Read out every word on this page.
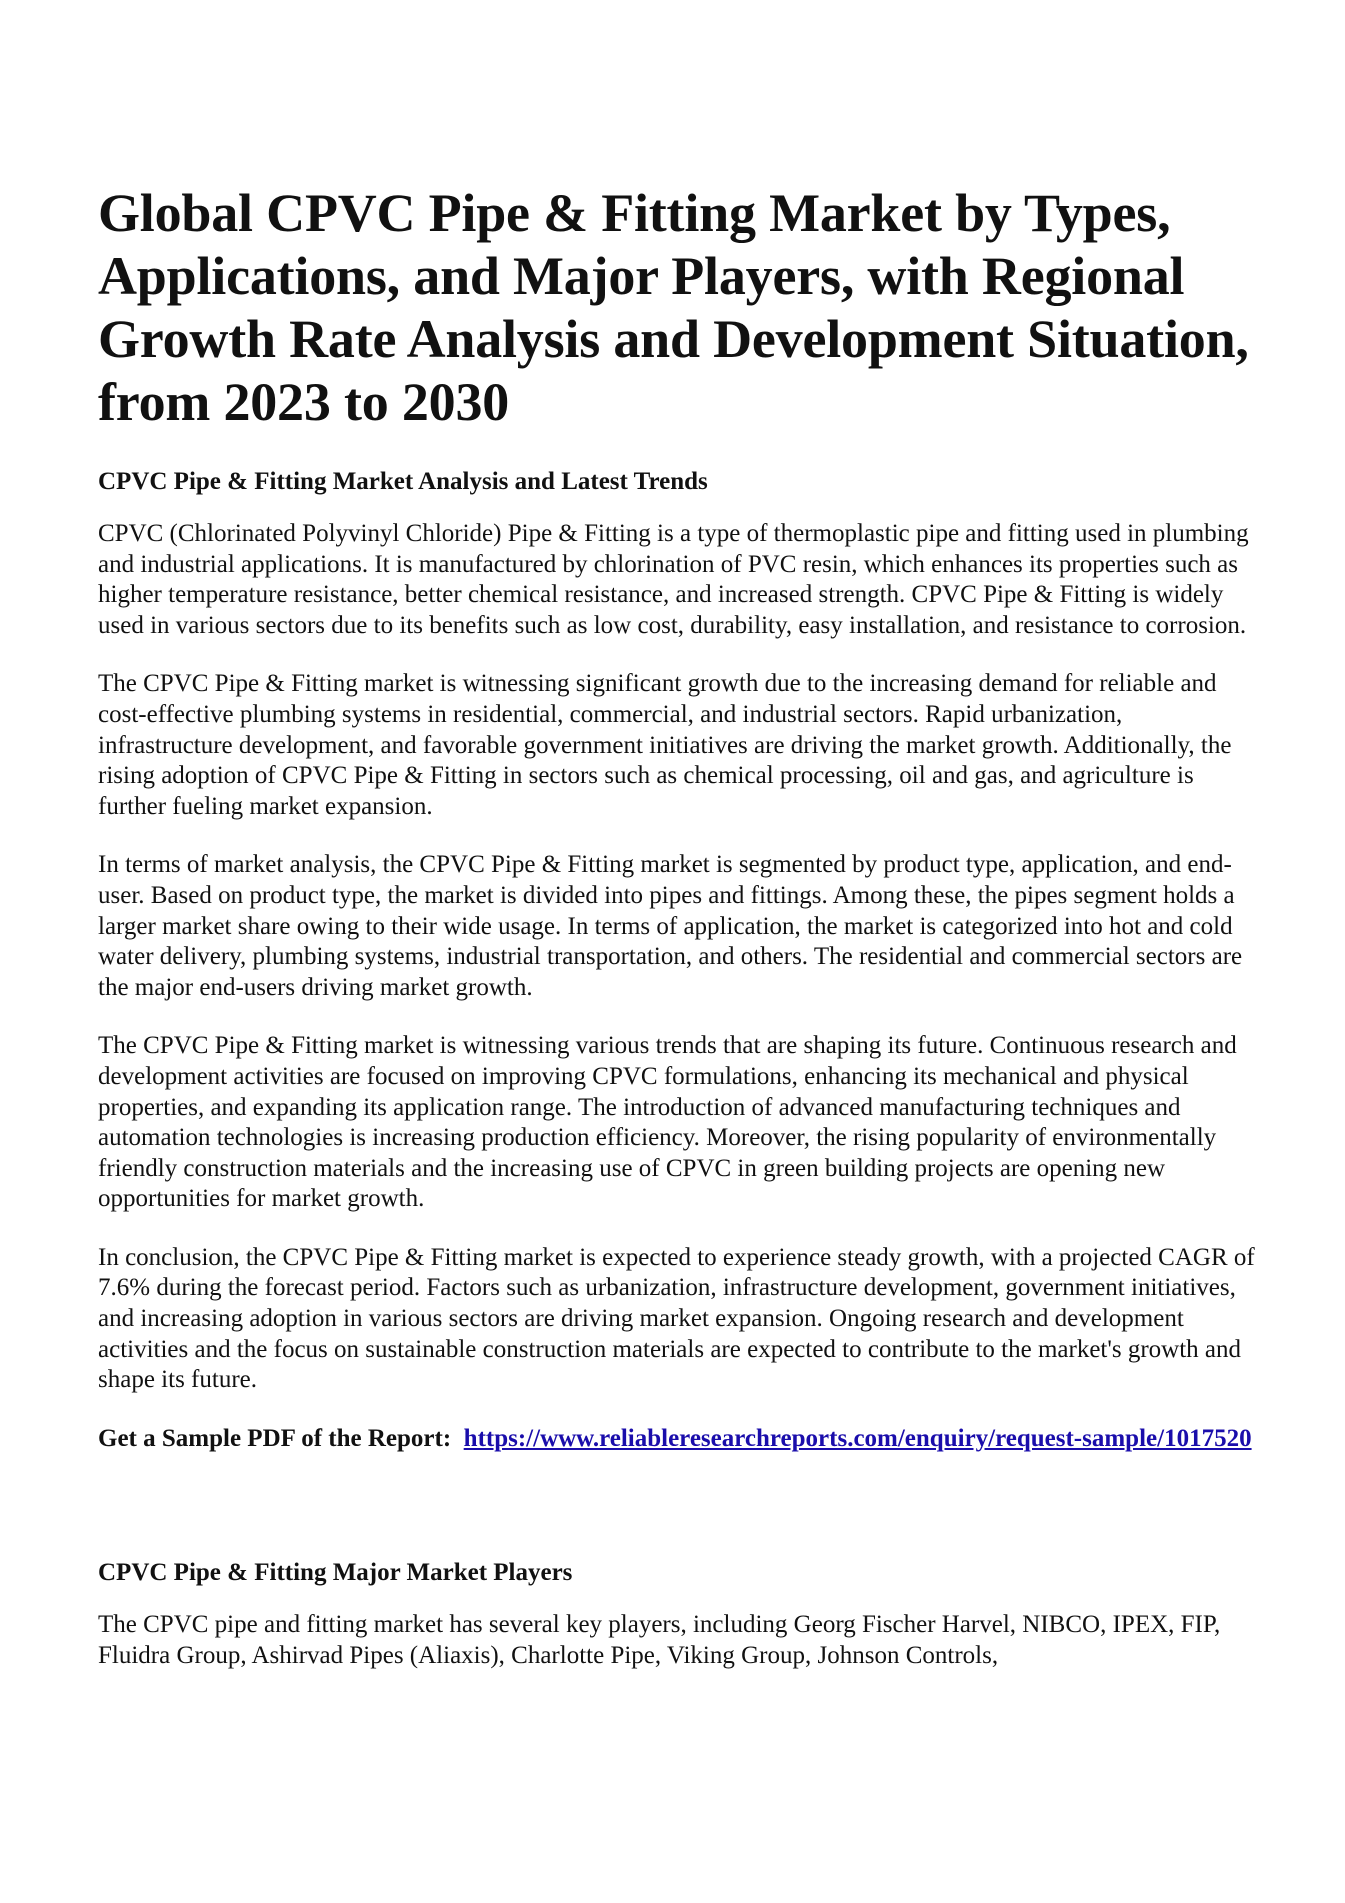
Global CPVC Pipe & Fitting Market by Types, Applications, and Major Players, with Regional Growth Rate Analysis and Development Situation, from 2023 to 2030
CPVC Pipe & Fitting Market Analysis and Latest Trends

CPVC (Chlorinated Polyvinyl Chloride) Pipe & Fitting is a type of thermoplastic pipe and fitting used in plumbing and industrial applications. It is manufactured by chlorination of PVC resin, which enhances its properties such as higher temperature resistance, better chemical resistance, and increased strength. CPVC Pipe & Fitting is widely used in various sectors due to its benefits such as low cost, durability, easy installation, and resistance to corrosion.

The CPVC Pipe & Fitting market is witnessing significant growth due to the increasing demand for reliable and cost-effective plumbing systems in residential, commercial, and industrial sectors. Rapid urbanization, infrastructure development, and favorable government initiatives are driving the market growth. Additionally, the rising adoption of CPVC Pipe & Fitting in sectors such as chemical processing, oil and gas, and agriculture is further fueling market expansion.

In terms of market analysis, the CPVC Pipe & Fitting market is segmented by product type, application, and end-user. Based on product type, the market is divided into pipes and fittings. Among these, the pipes segment holds a larger market share owing to their wide usage. In terms of application, the market is categorized into hot and cold water delivery, plumbing systems, industrial transportation, and others. The residential and commercial sectors are the major end-users driving market growth.

The CPVC Pipe & Fitting market is witnessing various trends that are shaping its future. Continuous research and development activities are focused on improving CPVC formulations, enhancing its mechanical and physical properties, and expanding its application range. The introduction of advanced manufacturing techniques and automation technologies is increasing production efficiency. Moreover, the rising popularity of environmentally friendly construction materials and the increasing use of CPVC in green building projects are opening new opportunities for market growth.

In conclusion, the CPVC Pipe & Fitting market is expected to experience steady growth, with a projected CAGR of 7.6% during the forecast period. Factors such as urbanization, infrastructure development, government initiatives, and increasing adoption in various sectors are driving market expansion. Ongoing research and development activities and the focus on sustainable construction materials are expected to contribute to the market's growth and shape its future.

Get a Sample PDF of the Report: https://www.reliableresearchreports.com/enquiry/request-sample/1017520

CPVC Pipe & Fitting Major Market Players

The CPVC pipe and fitting market has several key players, including Georg Fischer Harvel, NIBCO, IPEX, FIP, Fluidra Group, Ashirvad Pipes (Aliaxis), Charlotte Pipe, Viking Group, Johnson Controls,
